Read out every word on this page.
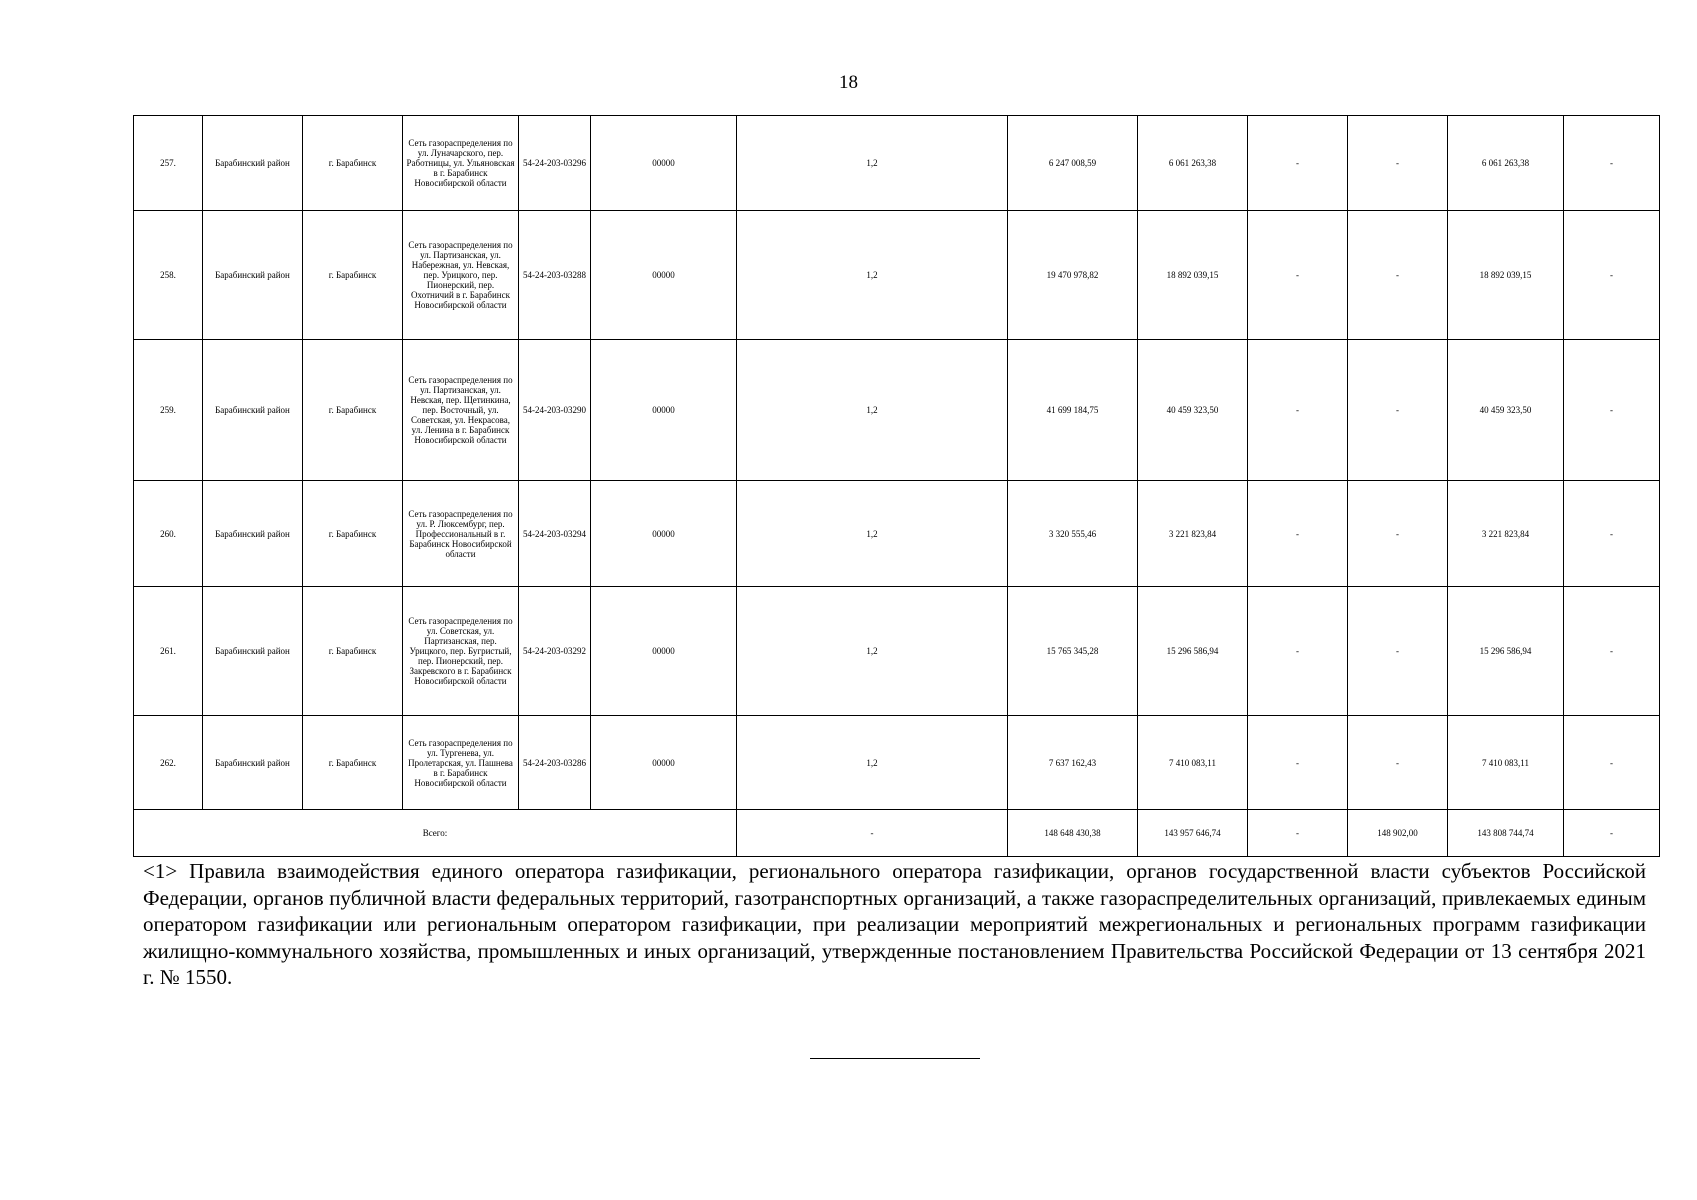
18
257.	Барабинский район	г. Барабинск	Сеть газораспределения по ул. Луначарского, пер. Работницы, ул. Ульяновская в г. Барабинск Новосибирской области	54-24-203-03296	00000	1,2	6 247 008,59	6 061 263,38	-	-	6 061 263,38	-
258.	Барабинский район	г. Барабинск	Сеть газораспределения по ул. Партизанская, ул. Набережная, ул. Невская, пер. Урицкого, пер. Пионерский, пер. Охотничий в г. Барабинск Новосибирской области	54-24-203-03288	00000	1,2	19 470 978,82	18 892 039,15	-	-	18 892 039,15	-
259.	Барабинский район	г. Барабинск	Сеть газораспределения по ул. Партизанская, ул. Невская, пер. Щетинкина, пер. Восточный, ул. Советская, ул. Некрасова, ул. Ленина в г. Барабинск Новосибирской области	54-24-203-03290	00000	1,2	41 699 184,75	40 459 323,50	-	-	40 459 323,50	-
260.	Барабинский район	г. Барабинск	Сеть газораспределения по ул. Р. Люксембург, пер. Профессиональный в г. Барабинск Новосибирской области	54-24-203-03294	00000	1,2	3 320 555,46	3 221 823,84	-	-	3 221 823,84	-
261.	Барабинский район	г. Барабинск	Сеть газораспределения по ул. Советская, ул. Партизанская, пер. Урицкого, пер. Бугристый, пер. Пионерский, пер. Закревского в г. Барабинск Новосибирской области	54-24-203-03292	00000	1,2	15 765 345,28	15 296 586,94	-	-	15 296 586,94	-
262.	Барабинский район	г. Барабинск	Сеть газораспределения по ул. Тургенева, ул. Пролетарская, ул. Пашнева в г. Барабинск Новосибирской области	54-24-203-03286	00000	1,2	7 637 162,43	7 410 083,11	-	-	7 410 083,11	-
Всего:						-	148 648 430,38	143 957 646,74	-	148 902,00	143 808 744,74	-
<1> Правила взаимодействия единого оператора газификации, регионального оператора газификации, органов государственной власти субъектов Российской Федерации, органов публичной власти федеральных территорий, газотранспортных организаций, а также газораспределительных организаций, привлекаемых единым оператором газификации или региональным оператором газификации, при реализации мероприятий межрегиональных и региональных программ газификации жилищно-коммунального хозяйства, промышленных и иных организаций, утвержденные постановлением Правительства Российской Федерации от 13 сентября 2021 г. № 1550.
